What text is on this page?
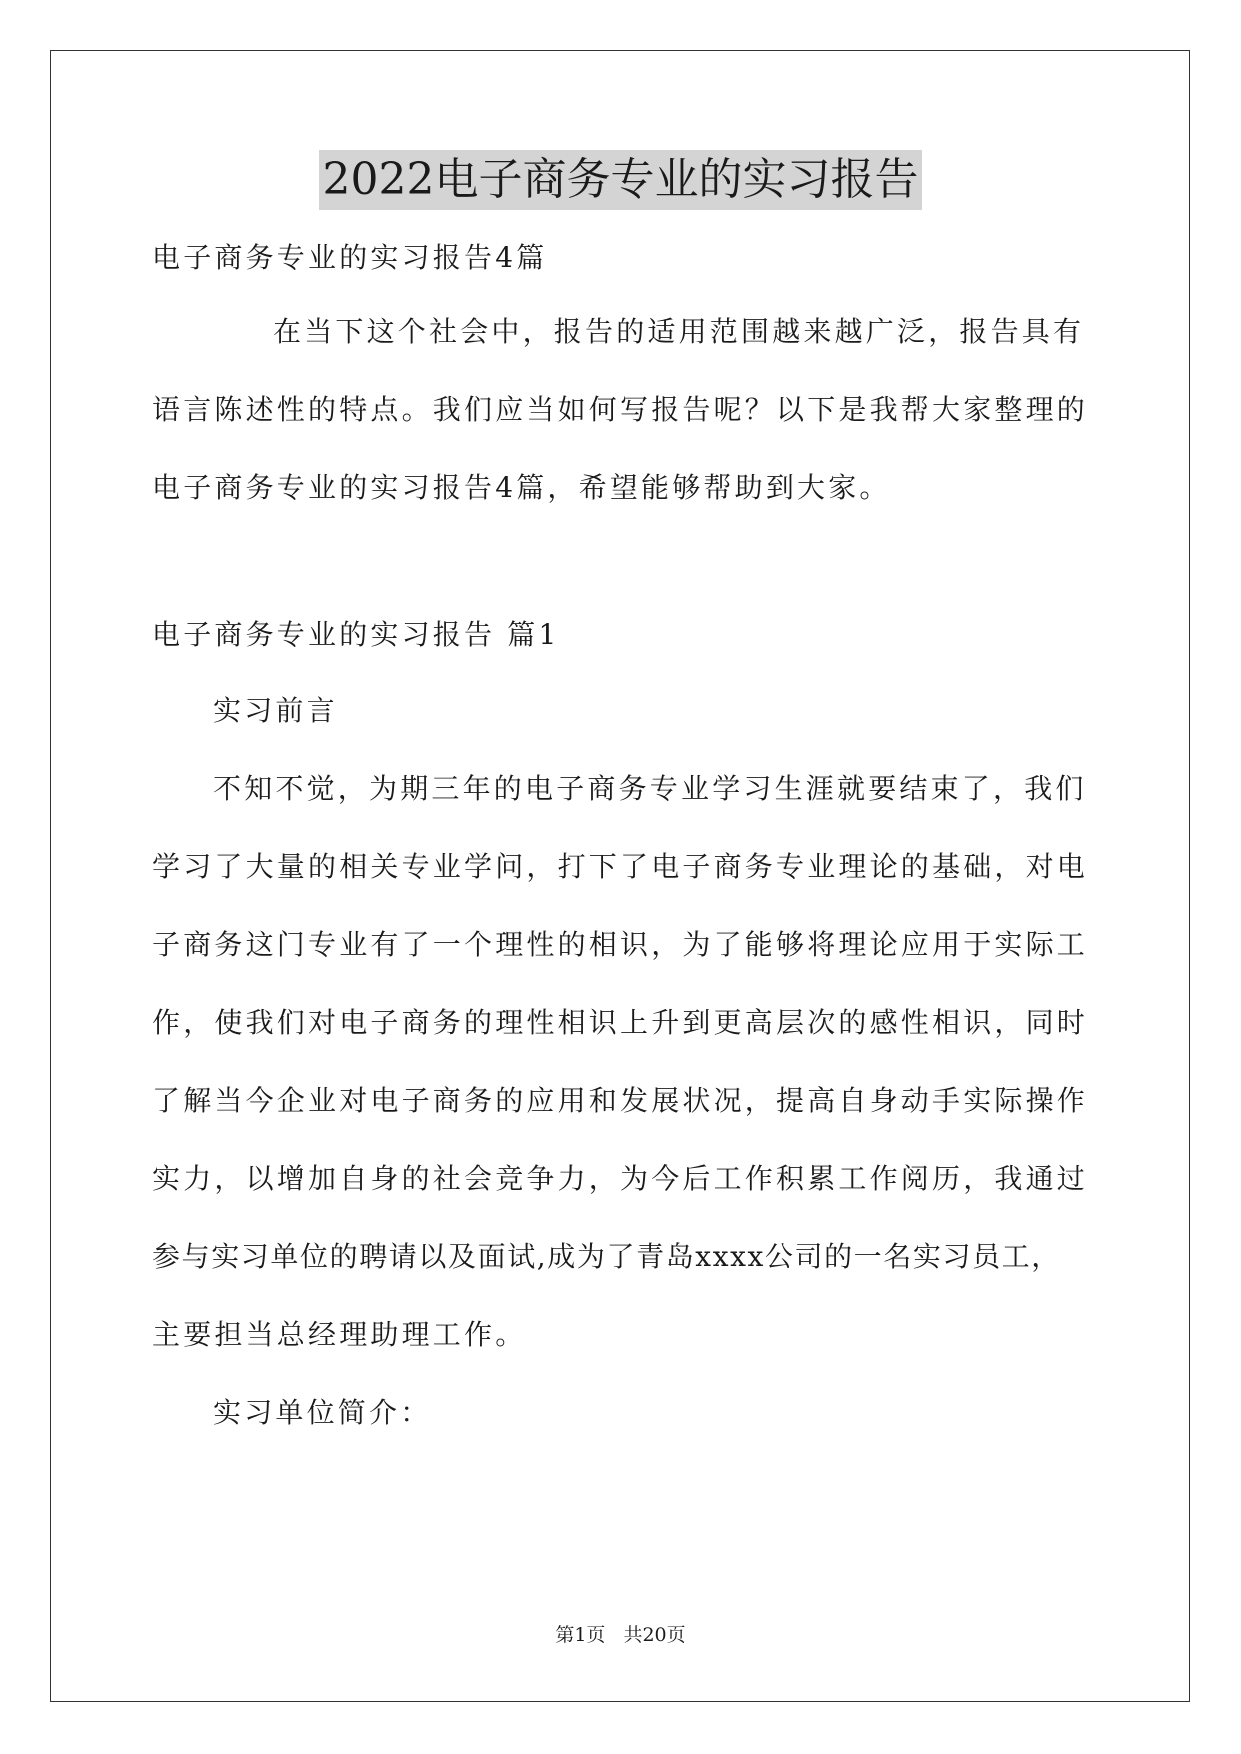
2022电子商务专业的实习报告
电子商务专业的实习报告4篇
在当下这个社会中，报告的适用范围越来越广泛，报告具有
语言陈述性的特点。我们应当如何写报告呢？以下是我帮大家整理的
电子商务专业的实习报告4篇，希望能够帮助到大家。
电子商务专业的实习报告 篇1
实习前言
不知不觉，为期三年的电子商务专业学习生涯就要结束了，我们
学习了大量的相关专业学问，打下了电子商务专业理论的基础，对电
子商务这门专业有了一个理性的相识，为了能够将理论应用于实际工
作，使我们对电子商务的理性相识上升到更高层次的感性相识，同时
了解当今企业对电子商务的应用和发展状况，提高自身动手实际操作
实力，以增加自身的社会竞争力，为今后工作积累工作阅历，我通过
参与实习单位的聘请以及面试,成为了青岛xxxx公司的一名实习员工，
主要担当总经理助理工作。
实习单位简介：
第1页 共20页
